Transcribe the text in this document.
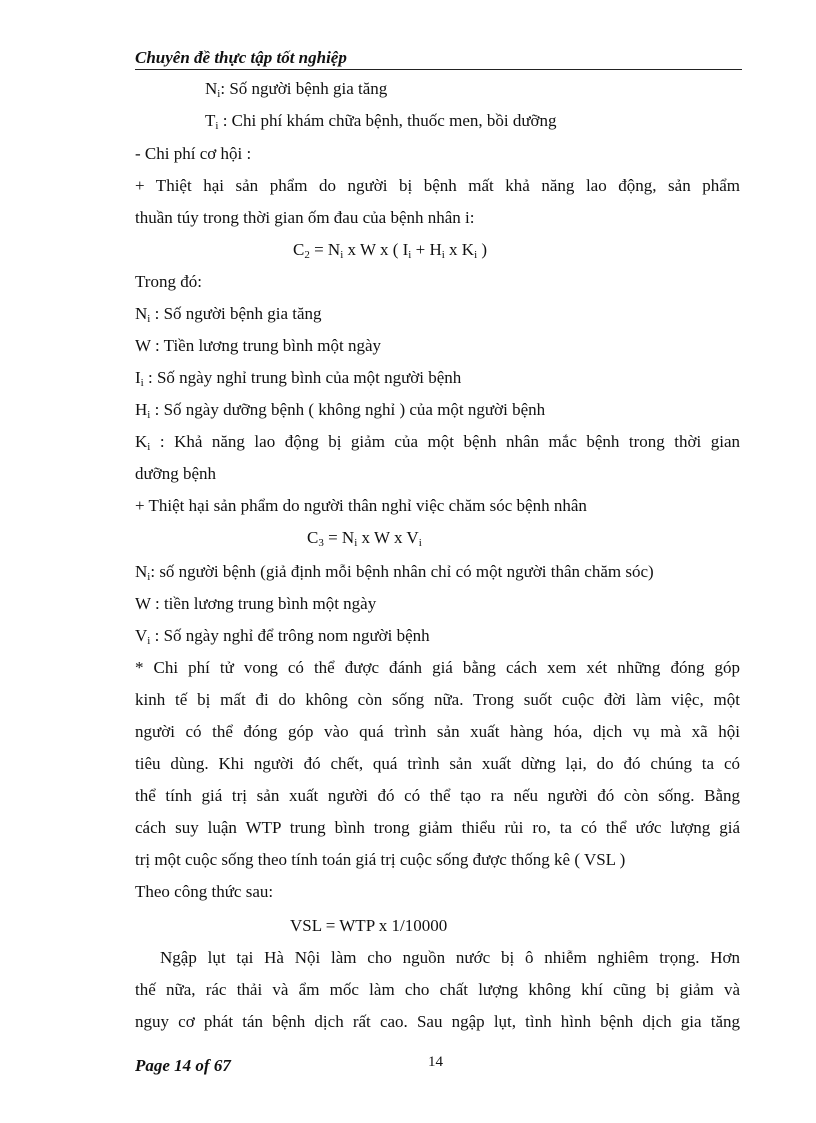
Chuyên đề thực tập tốt nghiệp
$N_i$: Số người bệnh gia tăng
$T_i$ : Chi phí khám chữa bệnh, thuốc men, bồi dưỡng
- Chi phí cơ hội :
+ Thiệt hại sản phẩm do người bị bệnh mất khả năng lao động, sản phẩm
thuần túy trong thời gian ốm đau của bệnh nhân i:
$C_2 = N_i$ x W x ( $I_i + H_i$ x $K_i$ )
Trong đó:
$N_i$ : Số người bệnh gia tăng
W : Tiền lương trung bình một ngày
$I_i$ : Số ngày nghỉ trung bình của một người bệnh
$H_i$ : Số ngày dưỡng bệnh ( không nghỉ ) của một người bệnh
$K_i$ : Khả năng lao động bị giảm của một bệnh nhân mắc bệnh trong thời gian
dưỡng bệnh
+ Thiệt hại sản phẩm do người thân nghỉ việc chăm sóc bệnh nhân
$C_3 = N_i$ x W x $V_i$
$N_i$: số người bệnh (giả định mỗi bệnh nhân chỉ có một người thân chăm sóc)
W : tiền lương trung bình một ngày
$V_i$ : Số ngày nghỉ để trông nom người bệnh
* Chi phí tử vong có thể được đánh giá bằng cách xem xét những đóng góp
kinh tế bị mất đi do không còn sống nữa. Trong suốt cuộc đời làm việc, một
người có thể đóng góp vào quá trình sản xuất hàng hóa, dịch vụ mà xã hội
tiêu dùng. Khi người đó chết, quá trình sản xuất dừng lại, do đó chúng ta có
thể tính giá trị sản xuất người đó có thể tạo ra nếu người đó còn sống. Bằng
cách suy luận WTP trung bình trong giảm thiểu rủi ro, ta có thể ước lượng giá
trị một cuộc sống theo tính toán giá trị cuộc sống được thống kê ( VSL )
Theo công thức sau:
VSL = WTP x 1/10000
Ngập lụt tại Hà Nội làm cho nguồn nước bị ô nhiễm nghiêm trọng. Hơn
thế nữa, rác thải và ẩm mốc làm cho chất lượng không khí cũng bị giảm và
nguy cơ phát tán bệnh dịch rất cao. Sau ngập lụt, tình hình bệnh dịch gia tăng
Page 14 of 67	14
